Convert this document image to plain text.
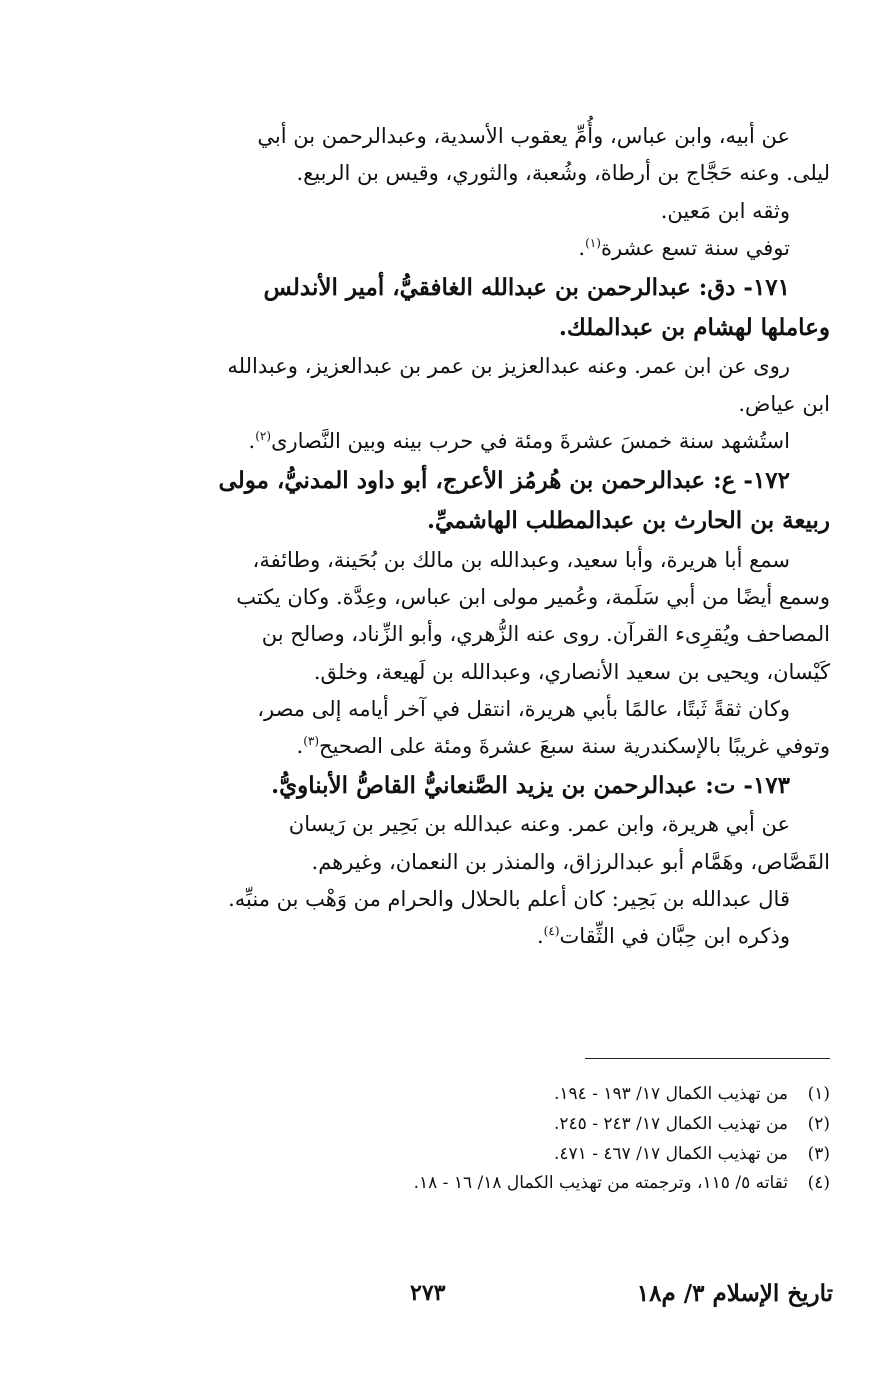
عن أبيه، وابن عباس، وأُمِّ يعقوب الأسدية، وعبدالرحمن بن أبي

ليلى. وعنه حَجَّاج بن أرطاة، وشُعبة، والثوري، وقيس بن الربيع.

وثقه ابن مَعين.

توفي سنة تسع عشرة$^{(١)}$.

١٧١- دق: عبدالرحمن بن عبدالله الغافقيُّ، أمير الأندلس

وعاملها لهشام بن عبدالملك.

روى عن ابن عمر. وعنه عبدالعزيز بن عمر بن عبدالعزيز، وعبدالله

ابن عياض.

استُشهد سنة خمسَ عشرةَ ومئة في حرب بينه وبين النَّصارى$^{(٢)}$.

١٧٢- ع: عبدالرحمن بن هُرمُز الأعرج، أبو داود المدنيُّ، مولى

ربيعة بن الحارث بن عبدالمطلب الهاشميِّ.

سمع أبا هريرة، وأبا سعيد، وعبدالله بن مالك بن بُحَينة، وطائفة،

وسمع أيضًا من أبي سَلَمة، وعُمير مولى ابن عباس، وعِدَّة. وكان يكتب

المصاحف ويُقرِىء القرآن. روى عنه الزُّهري، وأبو الزِّناد، وصالح بن

كَيْسان، ويحيى بن سعيد الأنصاري، وعبدالله بن لَهيعة، وخلق.

وكان ثقةً ثَبتًا، عالمًا بأبي هريرة، انتقل في آخر أيامه إلى مصر،

وتوفي غريبًا بالإسكندرية سنة سبعَ عشرةَ ومئة على الصحيح$^{(٣)}$.

١٧٣- ت: عبدالرحمن بن يزيد الصَّنعانيُّ القاصُّ الأبناويُّ.

عن أبي هريرة، وابن عمر. وعنه عبدالله بن بَحِير بن رَيسان

القَصَّاص، وهَمَّام أبو عبدالرزاق، والمنذر بن النعمان، وغيرهم.

قال عبدالله بن بَحِير: كان أعلم بالحلال والحرام من وَهْب بن منبِّه.

وذكره ابن حِبَّان في الثِّقات$^{(٤)}$.

(١)من تهذيب الكمال ١٧/ ١٩٣ - ١٩٤.

(٢)من تهذيب الكمال ١٧/ ٢٤٣ - ٢٤٥.

(٣)من تهذيب الكمال ١٧/ ٤٦٧ - ٤٧١.

(٤)ثقاته ٥/ ١١٥، وترجمته من تهذيب الكمال ١٨/ ١٦ - ١٨.

تاريخ الإسلام ٣/ م١٨
٢٧٣
